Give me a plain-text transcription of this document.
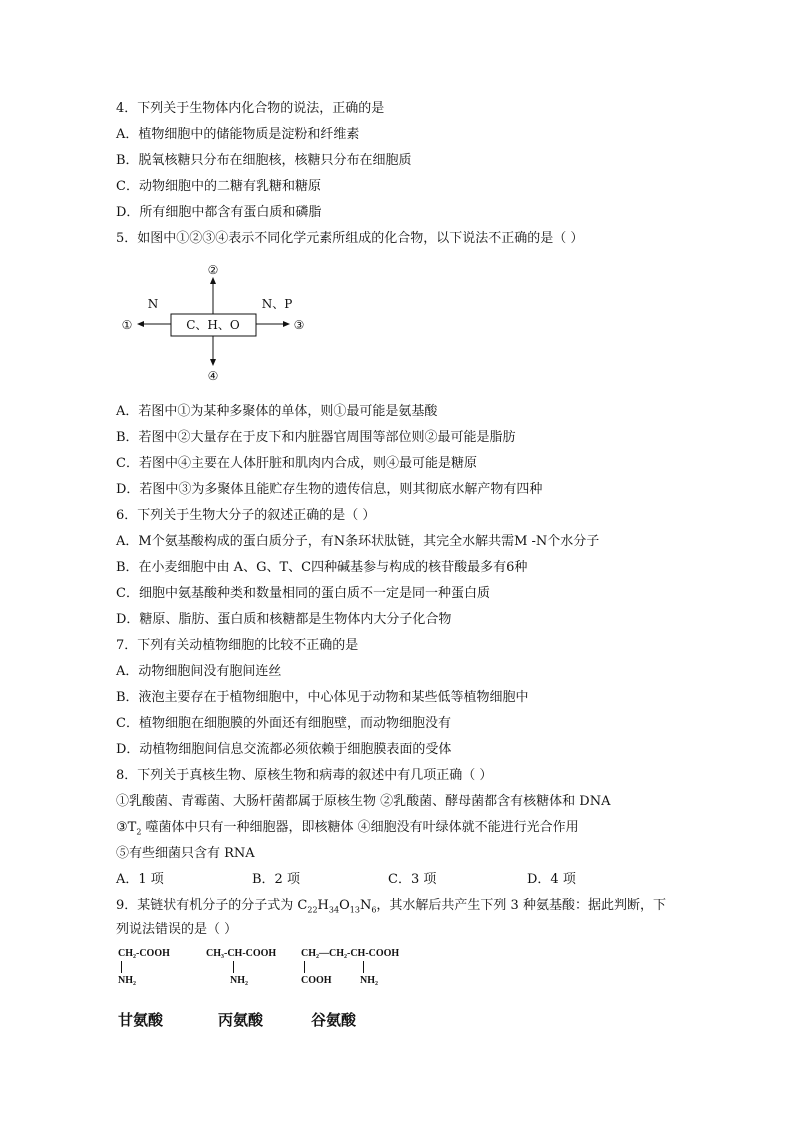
4．下列关于生物体内化合物的说法，正确的是
A．植物细胞中的储能物质是淀粉和纤维素
B．脱氧核糖只分布在细胞核，核糖只分布在细胞质
C．动物细胞中的二糖有乳糖和糖原
D．所有细胞中都含有蛋白质和磷脂
5．如图中①②③④表示不同化学元素所组成的化合物，以下说法不正确的是（ ）
C、H、O
②
④
①
N
③
N、P
A．若图中①为某种多聚体的单体，则①最可能是氨基酸
B．若图中②大量存在于皮下和内脏器官周围等部位则②最可能是脂肪
C．若图中④主要在人体肝脏和肌肉内合成，则④最可能是糖原
D．若图中③为多聚体且能贮存生物的遗传信息，则其彻底水解产物有四种
6．下列关于生物大分子的叙述正确的是（ ）
A．M个氨基酸构成的蛋白质分子，有N条环状肽链，其完全水解共需M -N个水分子
B．在小麦细胞中由 A、G、T、C四种碱基参与构成的核苷酸最多有6种
C．细胞中氨基酸种类和数量相同的蛋白质不一定是同一种蛋白质
D．糖原、脂肪、蛋白质和核糖都是生物体内大分子化合物
7．下列有关动植物细胞的比较不正确的是
A．动物细胞间没有胞间连丝
B．液泡主要存在于植物细胞中，中心体见于动物和某些低等植物细胞中
C．植物细胞在细胞膜的外面还有细胞壁，而动物细胞没有
D．动植物细胞间信息交流都必须依赖于细胞膜表面的受体
8．下列关于真核生物、原核生物和病毒的叙述中有几项正确（ ）
①乳酸菌、青霉菌、大肠杆菌都属于原核生物 ②乳酸菌、酵母菌都含有核糖体和 DNA
$③T_2$ 噬菌体中只有一种细胞器，即核糖体 ④细胞没有叶绿体就不能进行光合作用
⑤有些细菌只含有 RNA
A．1 项	B．2 项	C．3 项	D．4 项
9．某链状有机分子的分子式为 $C_{22}H_{34}O_{13}N_6$，其水解后共产生下列 3 种氨基酸：据此判断，下
列说法错误的是（ ）
CH₂-COOH
NH₂
CH₃-CH-COOH
NH₂
CH₂—CH₂-CH-COOH
COOH	NH₂
甘氨酸	丙氨酸	谷氨酸
